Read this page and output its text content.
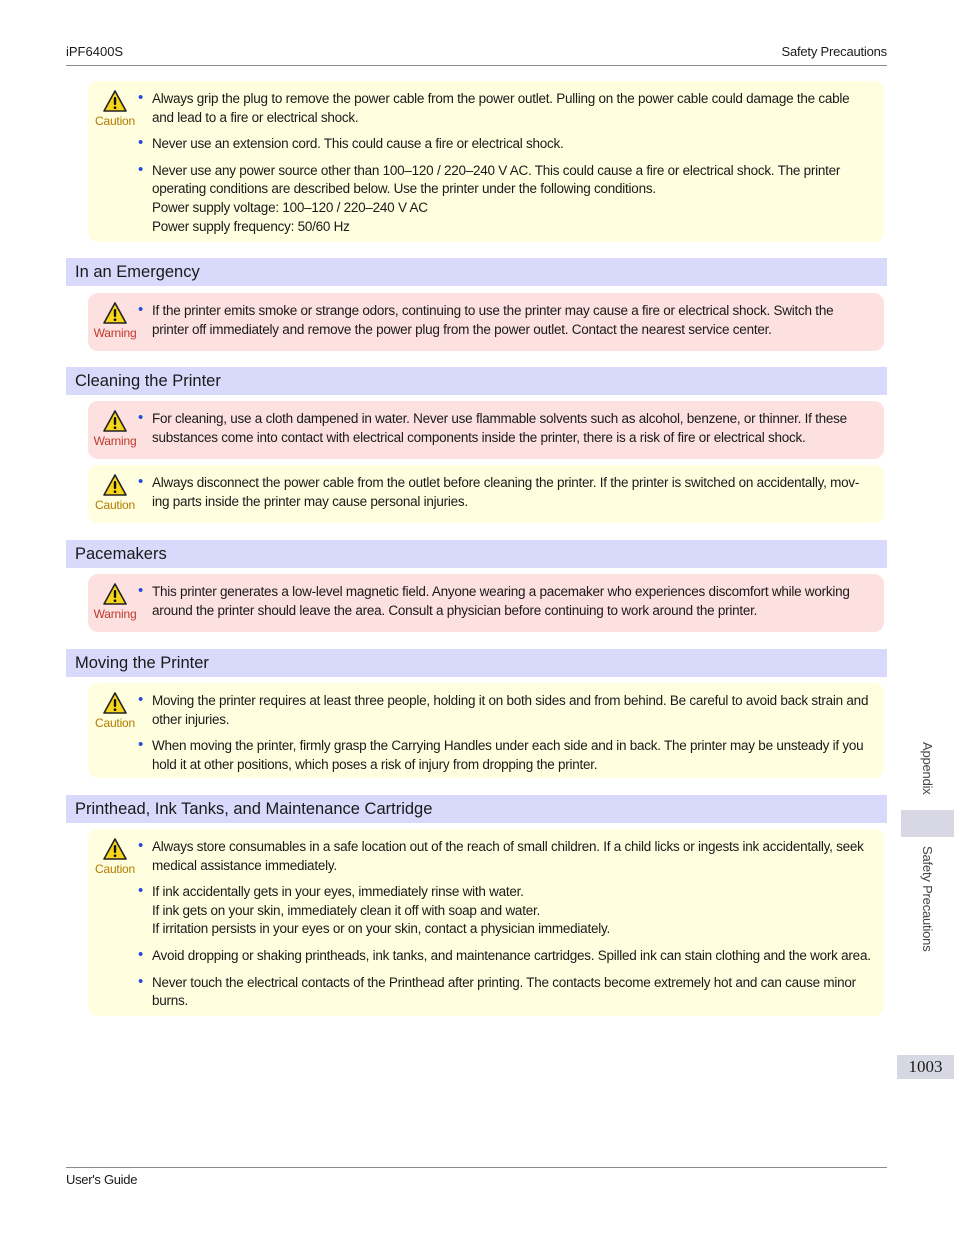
iPF6400S	Safety Precautions
Caution
• Always grip the plug to remove the power cable from the power outlet. Pulling on the power cable could damage the cable
and lead to a fire or electrical shock.
• Never use an extension cord. This could cause a fire or electrical shock.
• Never use any power source other than 100–120 / 220–240 V AC. This could cause a fire or electrical shock. The printer
operating conditions are described below. Use the printer under the following conditions.
Power supply voltage: 100–120 / 220–240 V AC
Power supply frequency: 50/60 Hz
In an Emergency
Warning
• If the printer emits smoke or strange odors, continuing to use the printer may cause a fire or electrical shock. Switch the
printer off immediately and remove the power plug from the power outlet. Contact the nearest service center.
Cleaning the Printer
Warning
• For cleaning, use a cloth dampened in water. Never use flammable solvents such as alcohol, benzene, or thinner. If these
substances come into contact with electrical components inside the printer, there is a risk of fire or electrical shock.
Caution
• Always disconnect the power cable from the outlet before cleaning the printer. If the printer is switched on accidentally, mov-
ing parts inside the printer may cause personal injuries.
Pacemakers
Warning
• This printer generates a low-level magnetic field. Anyone wearing a pacemaker who experiences discomfort while working
around the printer should leave the area. Consult a physician before continuing to work around the printer.
Moving the Printer
Caution
• Moving the printer requires at least three people, holding it on both sides and from behind. Be careful to avoid back strain and
other injuries.
• When moving the printer, firmly grasp the Carrying Handles under each side and in back. The printer may be unsteady if you
hold it at other positions, which poses a risk of injury from dropping the printer.
Printhead, Ink Tanks, and Maintenance Cartridge
Caution
• Always store consumables in a safe location out of the reach of small children. If a child licks or ingests ink accidentally, seek
medical assistance immediately.
• If ink accidentally gets in your eyes, immediately rinse with water.
If ink gets on your skin, immediately clean it off with soap and water.
If irritation persists in your eyes or on your skin, contact a physician immediately.
• Avoid dropping or shaking printheads, ink tanks, and maintenance cartridges. Spilled ink can stain clothing and the work area.
• Never touch the electrical contacts of the Printhead after printing. The contacts become extremely hot and can cause minor
burns.
Appendix
Safety Precautions
1003
User's Guide
